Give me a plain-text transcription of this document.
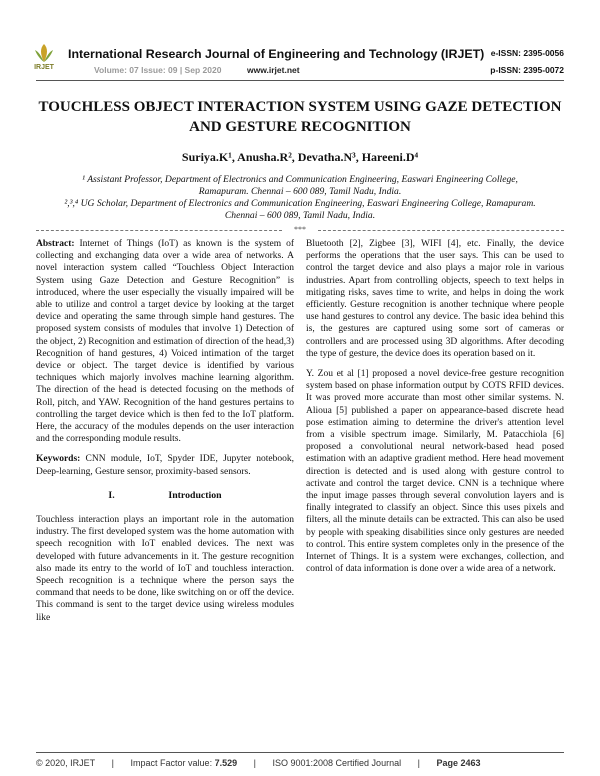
IRJET
International Research Journal of Engineering and Technology (IRJET)
Volume: 07 Issue: 09 | Sep 2020	www.irjet.net
e-ISSN: 2395-0056
p-ISSN: 2395-0072
TOUCHLESS OBJECT INTERACTION SYSTEM USING GAZE DETECTION AND GESTURE RECOGNITION
Suriya.K¹, Anusha.R², Devatha.N³, Hareeni.D⁴
¹ Assistant Professor, Department of Electronics and Communication Engineering, Easwari Engineering College, Ramapuram. Chennai – 600 089, Tamil Nadu, India.
²,³,⁴ UG Scholar, Department of Electronics and Communication Engineering, Easwari Engineering College, Ramapuram. Chennai – 600 089, Tamil Nadu, India.
***

Abstract: Internet of Things (IoT) as known is the system of collecting and exchanging data over a wide area of networks. A novel interaction system called “Touchless Object Interaction System using Gaze Detection and Gesture Recognition” is introduced, where the user especially the visually impaired will be able to utilize and control a target device by looking at the target device and operating the same through simple hand gestures. The proposed system consists of modules that involve 1) Detection of the object, 2) Recognition and estimation of direction of the head,3) Recognition of hand gestures, 4) Voiced intimation of the target device or object. The target device is identified by various techniques which majorly involves machine learning algorithm. The direction of the head is detected focusing on the methods of Roll, pitch, and YAW. Recognition of the hand gestures pertains to controlling the target device which is then fed to the IoT platform. Here, the accuracy of the modules depends on the user interaction and the corresponding module results.

Keywords: CNN module, IoT, Spyder IDE, Jupyter notebook, Deep-learning, Gesture sensor, proximity-based sensors.

I.	Introduction

Touchless interaction plays an important role in the automation industry. The first developed system was the home automation with speech recognition with IoT enabled devices. The next was developed with future advancements in it. The gesture recognition also made its entry to the world of IoT and touchless interaction. Speech recognition is a technique where the person says the command that needs to be done, like switching on or off the device. This command is sent to the target device using wireless modules like

Bluetooth [2], Zigbee [3], WIFI [4], etc. Finally, the device performs the operations that the user says. This can be used to control the target device and also plays a major role in various industries. Apart from controlling objects, speech to text helps in mitigating risks, saves time to write, and helps in doing the work efficiently. Gesture recognition is another technique where people use hand gestures to control any device. The basic idea behind this is, the gestures are captured using some sort of cameras or controllers and are processed using 3D algorithms. After decoding the type of gesture, the device does its operation based on it.

Y. Zou et al [1] proposed a novel device-free gesture recognition system based on phase information output by COTS RFID devices. It was proved more accurate than most other similar systems. N. Alioua [5] published a paper on appearance-based discrete head pose estimation aiming to determine the driver's attention level from a visible spectrum image. Similarly, M. Patacchiola [6] proposed a convolutional neural network-based head posed estimation with an adaptive gradient method. Here head movement direction is detected and is used along with gesture control to activate and control the target device. CNN is a technique where the input image passes through several convolution layers and is finally integrated to classify an object. Since this uses pixels and filters, all the minute details can be extracted. This can also be used by people with speaking disabilities since only gestures are needed to control. This entire system completes only in the presence of the Internet of Things. It is a system were exchanges, collection, and control of data information is done over a wide area of a network.

© 2020, IRJET | Impact Factor value: 7.529 | ISO 9001:2008 Certified Journal | Page 2463
